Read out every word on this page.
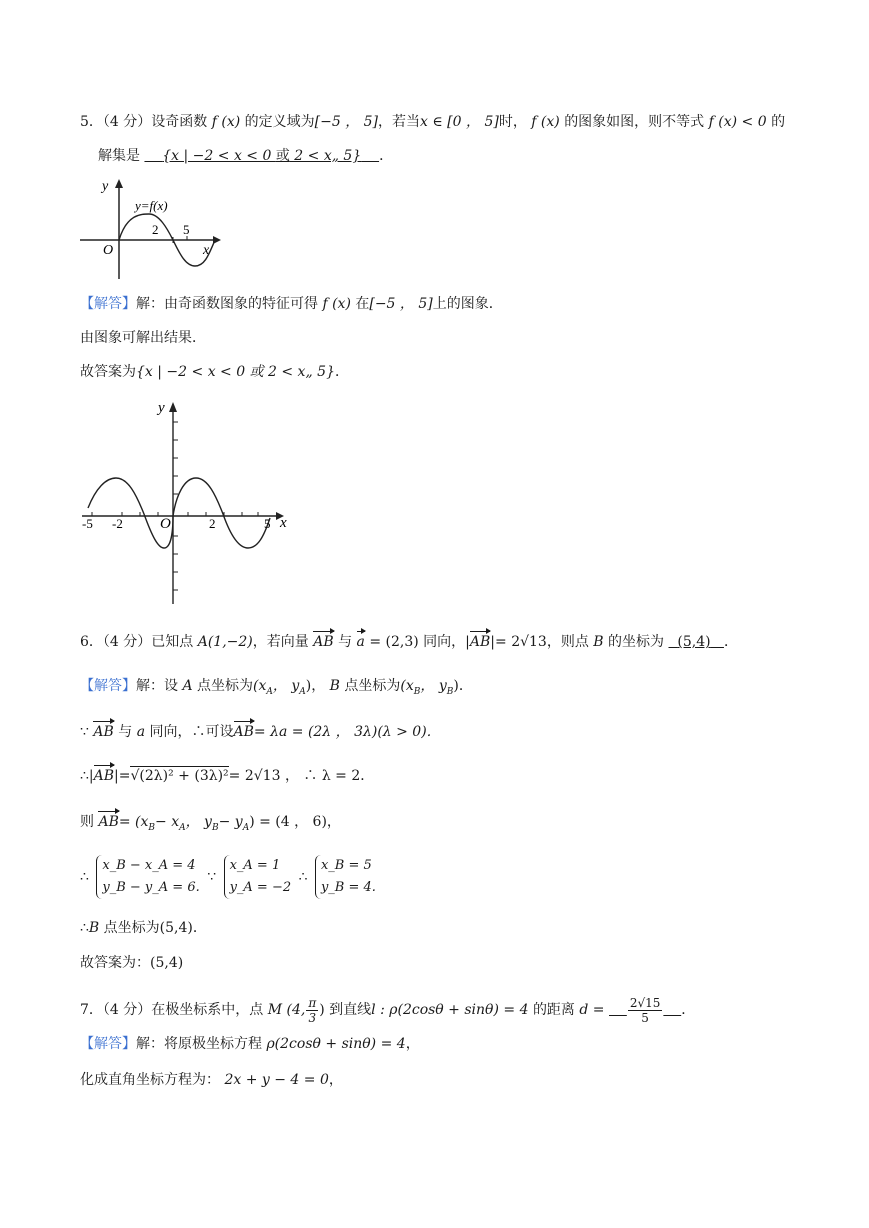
5．（4 分）设奇函数 f (x) 的定义域为[−5 ， 5]，若当x ∈ [0 ， 5]时， f (x) 的图象如图，则不等式 f (x) < 0 的
解集是 {x | −2 < x < 0 或 2 < x„ 5} ．
y
x
O
y=f(x)
2 5
【解答】解：由奇函数图象的特征可得 f (x) 在[−5 ， 5]上的图象．
由图象可解出结果．
故答案为{x | −2 < x < 0 或 2 < x„ 5}．
y
x
O
-5 -2	2	5
6．（4 分）已知点 A(1,−2)，若向量 AB 与 a = (2,3) 同向，|AB|= 2√13，则点 B 的坐标为 (5,4) ．
【解答】解：设 A 点坐标为($x_A$， $y_A$)， B 点坐标为($x_B$， $y_B$)．
∵ AB 与 a 同向，∴可设AB= λa = (2λ ， 3λ)(λ > 0)．
∴|AB|=√(2λ)² + (3λ)²= 2√13 ， ∴ λ = 2．
则 $AB= (x_B- x_A$， $y_B- y_A) = (4$ ， 6)，
∴
x_B − x_A = 4
y_B − y_A = 6.
∵
x_A = 1
y_A = −2
∴
x_B = 5
y_B = 4.
∴B 点坐标为(5,4)．
故答案为：(5,4)
7．（4 分）在极坐标系中，点 M (4, $\frac{\pi}{3}$ ) 到直线l : ρ(2cosθ + sinθ) = 4 的距离 $d = \frac{2√15}{5}$ ．
【解答】解：将原极坐标方程 ρ(2cosθ + sinθ) = 4，
化成直角坐标方程为： 2x + y − 4 = 0，
